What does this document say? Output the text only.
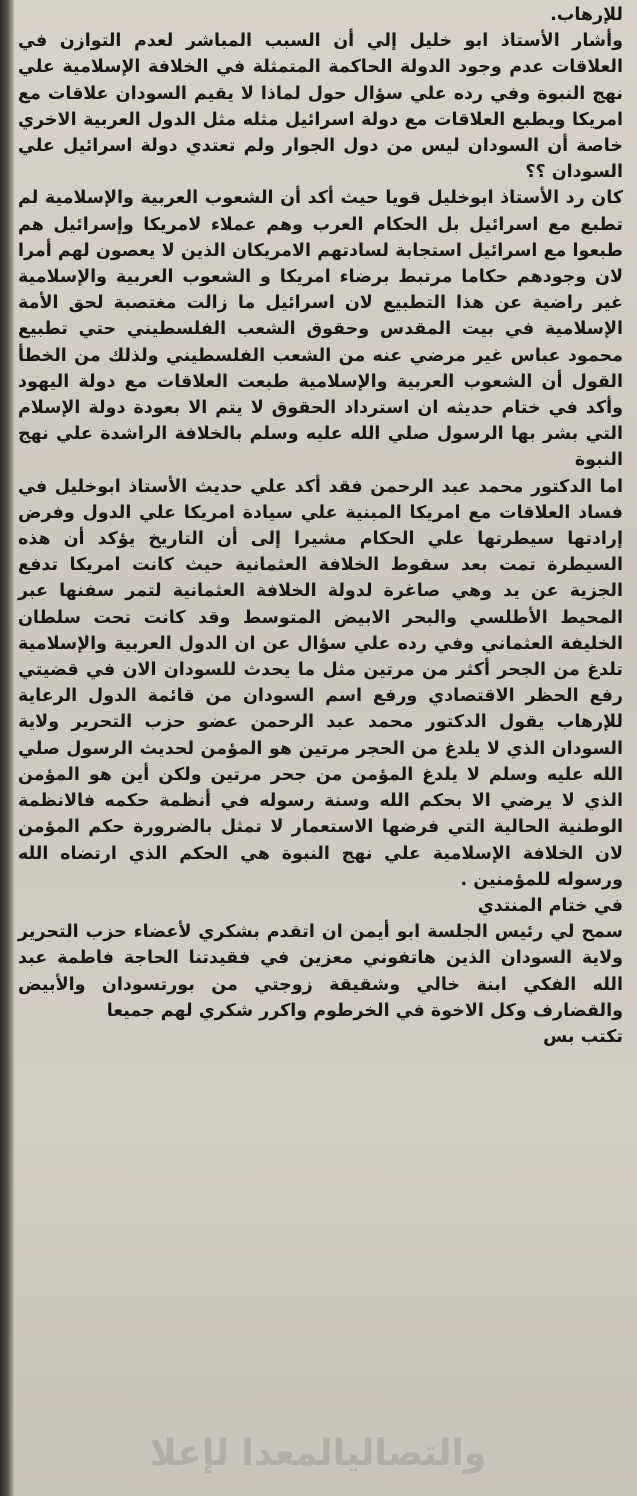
للإرهاب.

وأشار الأستاذ ابو خليل إلي أن السبب المباشر لعدم التوازن في العلاقات عدم وجود الدولة الحاكمة المتمثلة في الخلافة الإسلامية علي نهج النبوة وفي رده علي سؤال حول لماذا لا يقيم السودان علاقات مع امريكا ويطبع العلاقات مع دولة اسرائيل مثله مثل الدول العربية الاخري خاصة أن السودان ليس من دول الجوار ولم تعتدي دولة اسرائيل علي السودان ؟؟

كان رد الأستاذ ابوخليل قويا حيث أكد أن الشعوب العربية والإسلامية لم تطبع مع اسرائيل بل الحكام العرب وهم عملاء لامريكا وإسرائيل هم طبعوا مع اسرائيل استجابة لسادتهم الامريكان الذين لا يعصون لهم أمرا لان وجودهم حكاما مرتبط برضاء امريكا و الشعوب العربية والإسلامية غير راضية عن هذا التطبيع لان اسرائيل ما زالت مغتصبة لحق الأمة الإسلامية في بيت المقدس وحقوق الشعب الفلسطيني حتي تطبيع محمود عباس غير مرضي عنه من الشعب الفلسطيني ولذلك من الخطأ القول أن الشعوب العربية والإسلامية طبعت العلاقات مع دولة اليهود وأكد في ختام حديثه ان استرداد الحقوق لا يتم الا بعودة دولة الإسلام التي بشر بها الرسول صلي الله عليه وسلم بالخلافة الراشدة علي نهج النبوة

اما الدكتور محمد عبد الرحمن فقد أكد علي حديث الأستاذ ابوخليل في فساد العلاقات مع امريكا المبنية علي سيادة امريكا علي الدول وفرض إرادتها سيطرتها علي الحكام مشيرا إلى أن التاريخ يؤكد أن هذه السيطرة تمت بعد سقوط الخلافة العثمانية حيث كانت امريكا تدفع الجزية عن يد وهي صاغرة لدولة الخلافة العثمانية لتمر سفنها عبر المحيط الأطلسي والبحر الابيض المتوسط وقد كانت تحت سلطان الخليفة العثماني وفي رده علي سؤال عن ان الدول العربية والإسلامية تلدغ من الجحر أكثر من مرتين مثل ما يحدث للسودان الان في قضيتي رفع الحظر الاقتصادي ورفع اسم السودان من قائمة الدول الرعاية للإرهاب يقول الدكتور محمد عبد الرحمن عضو حزب التحرير ولاية السودان الذي لا يلدغ من الحجر مرتين هو المؤمن لحديث الرسول صلي الله عليه وسلم لا يلدغ المؤمن من جحر مرتين ولكن أين هو المؤمن الذي لا يرضي الا بحكم الله وسنة رسوله في أنظمة حكمه فالانظمة الوطنية الحالية التي فرضها الاستعمار لا تمثل بالضرورة حكم المؤمن لان الخلافة الإسلامية علي نهج النبوة هي الحكم الذي ارتضاه الله ورسوله للمؤمنين .

في ختام المنتدي

سمح لي رئيس الجلسة ابو أيمن ان اتقدم بشكري لأعضاء حزب التحرير ولاية السودان الذين هاتفوني معزين في فقيدتنا الحاجة فاطمة عبد الله الفكي ابنة خالي وشقيقة زوجتي من بورتسودان والأبيض والقضارف وكل الاخوة في الخرطوم واكرر شكري لهم جميعا

تكتب بس

والتصاليالمعدا لإعلا
